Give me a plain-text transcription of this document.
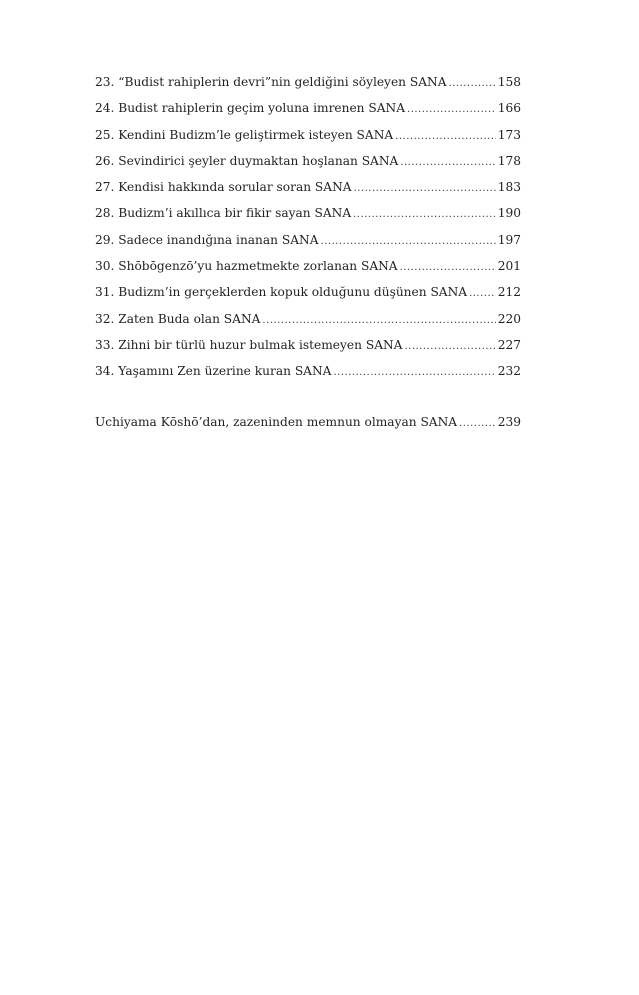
23. “Budist rahiplerin devri”nin geldiğini söyleyen SANA .....	158
24. Budist rahiplerin geçim yoluna imrenen SANA .....	166
25. Kendini Budizm’le geliştirmek isteyen SANA .....	173
26. Sevindirici şeyler duymaktan hoşlanan SANA .....	178
27. Kendisi hakkında sorular soran SANA .....	183
28. Budizm’i akıllıca bir fikir sayan SANA .....	190
29. Sadece inandığına inanan SANA .....	197
30. Shōbōgenzō’yu hazmetmekte zorlanan SANA .....	201
31. Budizm’in gerçeklerden kopuk olduğunu düşünen SANA .....	212
32. Zaten Buda olan SANA .....	220
33. Zihni bir türlü huzur bulmak istemeyen SANA .....	227
34. Yaşamını Zen üzerine kuran SANA .....	232
Uchiyama Kōshō’dan, zazeninden memnun olmayan SANA .....	239
